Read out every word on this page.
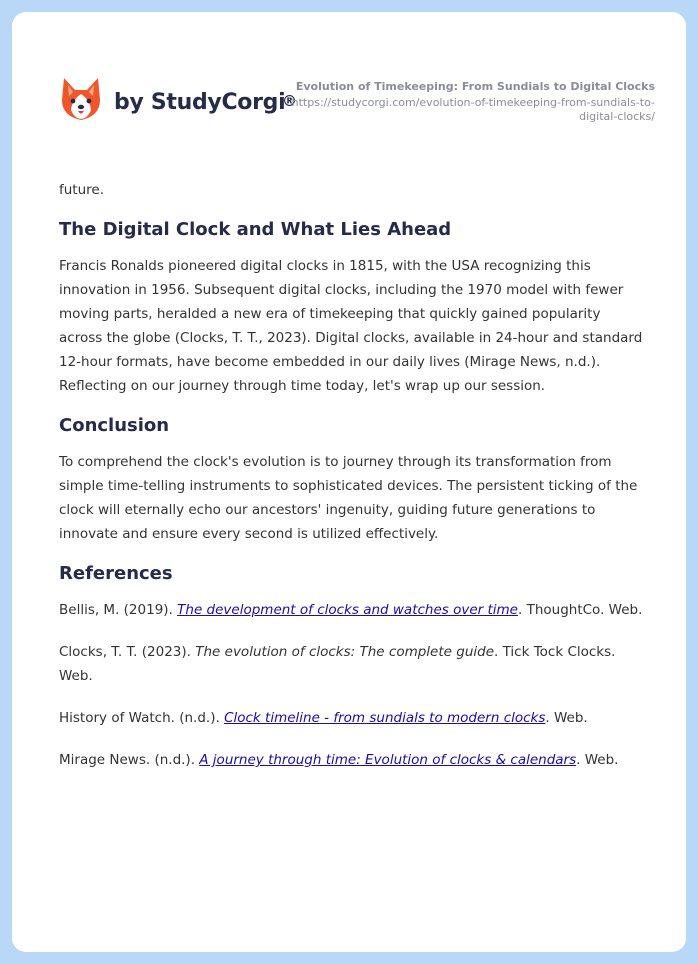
by StudyCorgi
®
Evolution of Timekeeping: From Sundials to Digital Clocks
https://studycorgi.com/evolution-of-timekeeping-from-sundials-to-digital-clocks/

future.

The Digital Clock and What Lies Ahead

Francis Ronalds pioneered digital clocks in 1815, with the USA recognizing this innovation in 1956. Subsequent digital clocks, including the 1970 model with fewer moving parts, heralded a new era of timekeeping that quickly gained popularity across the globe (Clocks, T. T., 2023). Digital clocks, available in 24-hour and standard 12-hour formats, have become embedded in our daily lives (Mirage News, n.d.). Reflecting on our journey through time today, let's wrap up our session.

Conclusion

To comprehend the clock's evolution is to journey through its transformation from simple time-telling instruments to sophisticated devices. The persistent ticking of the clock will eternally echo our ancestors' ingenuity, guiding future generations to innovate and ensure every second is utilized effectively.

References

Bellis, M. (2019). The development of clocks and watches over time. ThoughtCo. Web.

Clocks, T. T. (2023). The evolution of clocks: The complete guide. Tick Tock Clocks. Web.

History of Watch. (n.d.). Clock timeline - from sundials to modern clocks. Web.

Mirage News. (n.d.). A journey through time: Evolution of clocks & calendars. Web.
